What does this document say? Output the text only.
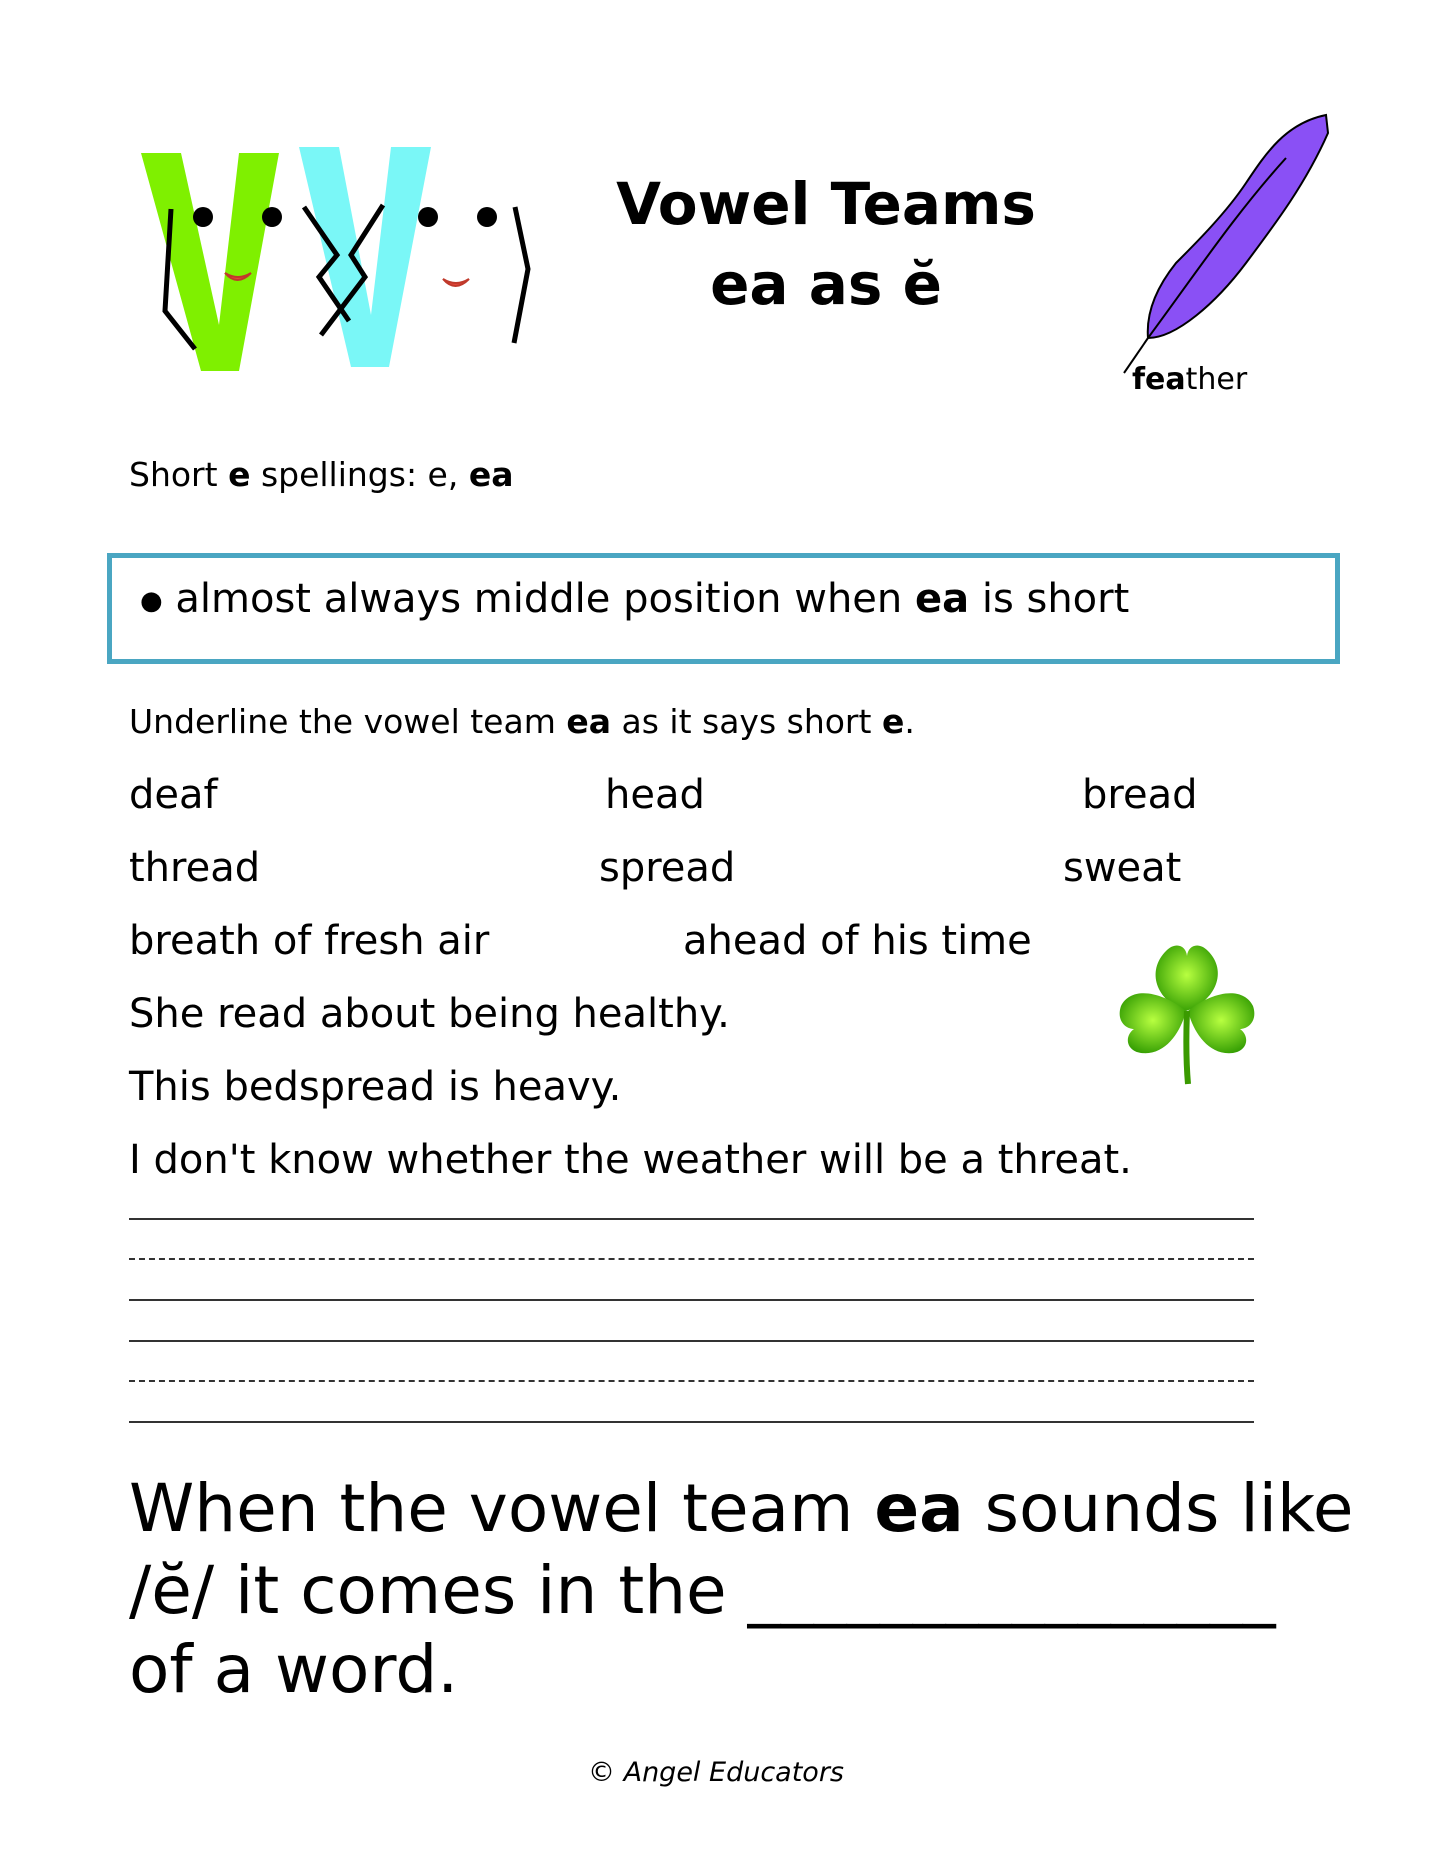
Vowel Teams
ea as ĕ
feather
Short e spellings: e, ea
● almost always middle position when ea is short
Underline the vowel team ea as it says short e.
deaf	head	bread
thread	spread	sweat
breath of fresh air	ahead of his time
She read about being healthy.
This bedspread is heavy.
I don't know whether the weather will be a threat.
When the vowel team ea sounds like
/ĕ/ it comes in the ________________
of a word.
© Angel Educators
